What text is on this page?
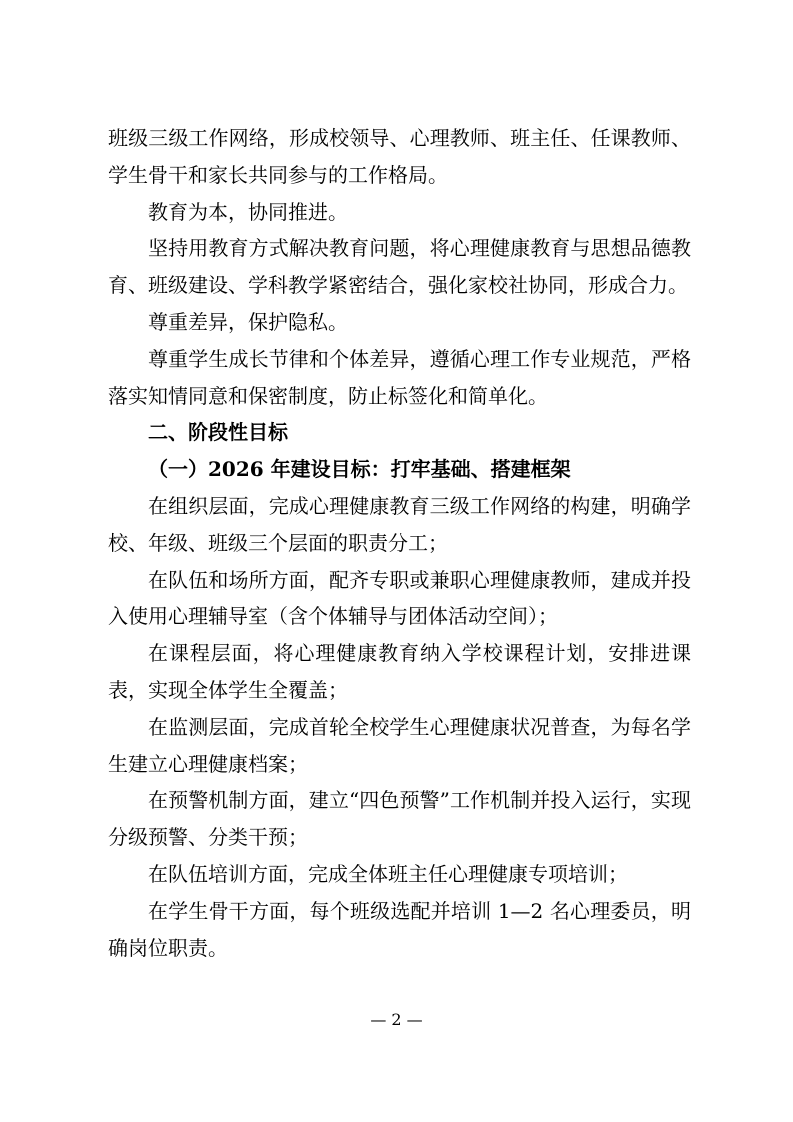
班级三级工作网络，形成校领导、心理教师、班主任、任课教师、学生骨干和家长共同参与的工作格局。

教育为本，协同推进。

坚持用教育方式解决教育问题，将心理健康教育与思想品德教育、班级建设、学科教学紧密结合，强化家校社协同，形成合力。

尊重差异，保护隐私。

尊重学生成长节律和个体差异，遵循心理工作专业规范，严格落实知情同意和保密制度，防止标签化和简单化。

二、阶段性目标

（一）2026 年建设目标：打牢基础、搭建框架

在组织层面，完成心理健康教育三级工作网络的构建，明确学校、年级、班级三个层面的职责分工；

在队伍和场所方面，配齐专职或兼职心理健康教师，建成并投入使用心理辅导室（含个体辅导与团体活动空间）；

在课程层面，将心理健康教育纳入学校课程计划，安排进课表，实现全体学生全覆盖；

在监测层面，完成首轮全校学生心理健康状况普查，为每名学生建立心理健康档案；

在预警机制方面，建立“四色预警”工作机制并投入运行，实现分级预警、分类干预；

在队伍培训方面，完成全体班主任心理健康专项培训；

在学生骨干方面，每个班级选配并培训 1—2 名心理委员，明确岗位职责。

— 2 —
